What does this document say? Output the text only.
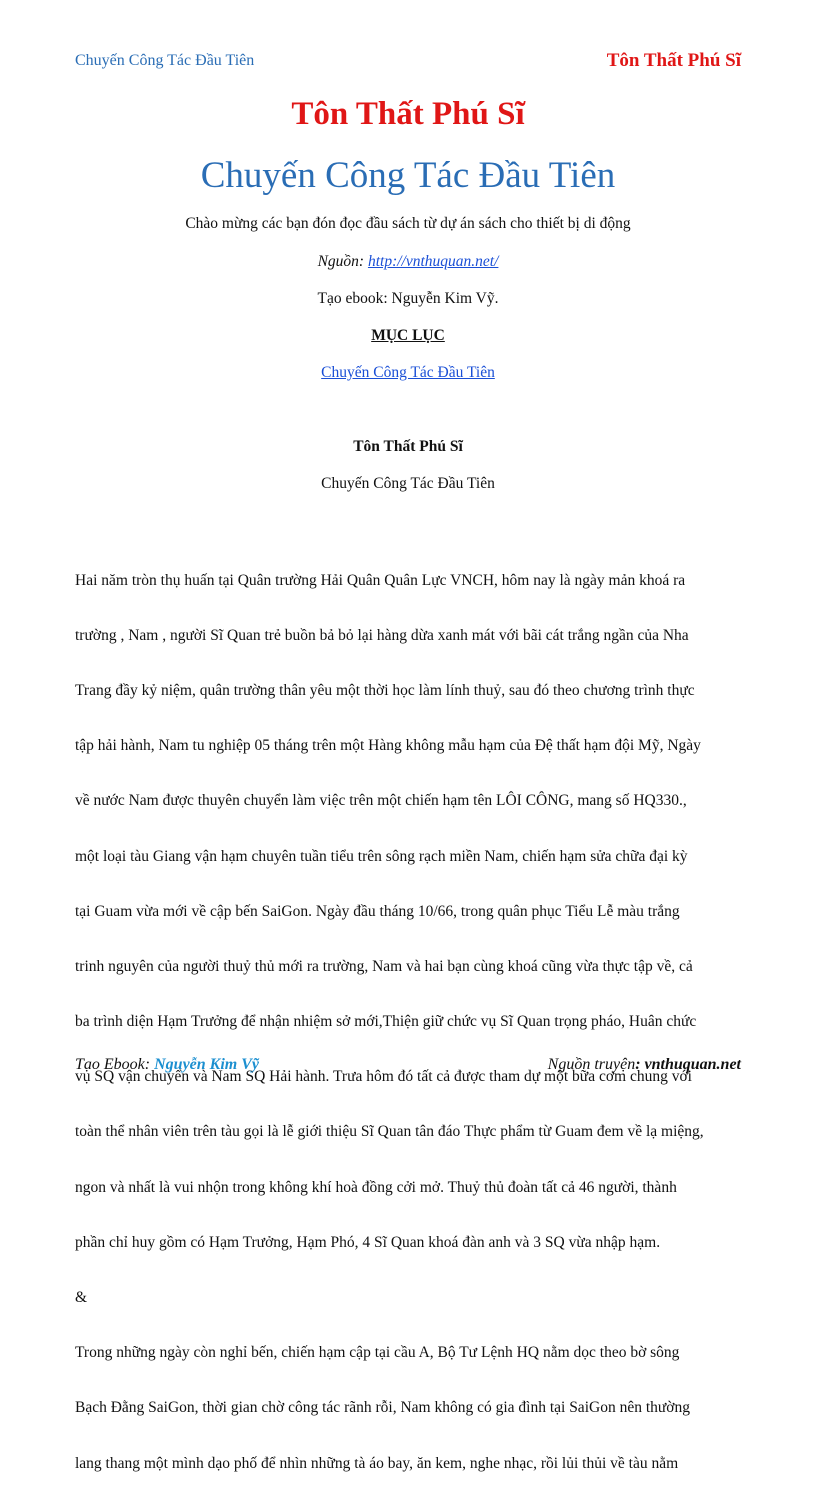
Chuyến Công Tác Đầu Tiên	Tôn Thất Phú Sĩ
Tôn Thất Phú Sĩ
Chuyến Công Tác Đầu Tiên
Chào mừng các bạn đón đọc đầu sách từ dự án sách cho thiết bị di động
Nguồn: http://vnthuquan.net/
Tạo ebook: Nguyễn Kim Vỹ.
MỤC LỤC
Chuyến Công Tác Đầu Tiên
Tôn Thất Phú Sĩ
Chuyến Công Tác Đầu Tiên

Hai năm tròn thụ huấn tại Quân trường Hải Quân Quân Lực VNCH, hôm nay là ngày mản khoá ra

trường , Nam , người Sĩ Quan trẻ buồn bả bỏ lại hàng dừa xanh mát với bãi cát trắng ngần của Nha

Trang đầy kỷ niệm, quân trường thân yêu một thời học làm lính thuỷ, sau đó theo chương trình thực

tập hải hành, Nam tu nghiệp 05 tháng trên một Hàng không mẫu hạm của Đệ thất hạm đội Mỹ, Ngày

về nước Nam được thuyên chuyển làm việc trên một chiến hạm tên LÔI CÔNG, mang số HQ330.,

một loại tàu Giang vận hạm chuyên tuần tiểu trên sông rạch miền Nam, chiến hạm sửa chữa đại kỳ

tại Guam vừa mới về cập bến SaiGon. Ngày đầu tháng 10/66, trong quân phục Tiểu Lễ màu trắng

trinh nguyên của người thuỷ thủ mới ra trường, Nam và hai bạn cùng khoá cũng vừa thực tập về, cả

ba trình diện Hạm Trưởng để nhận nhiệm sở mới,Thiện giữ chức vụ Sĩ Quan trọng pháo, Huân chức

vụ SQ vận chuyển và Nam SQ Hải hành. Trưa hôm đó tất cả được tham dự một bữa cơm chung với

toàn thể nhân viên trên tàu gọi là lễ giới thiệu Sĩ Quan tân đáo Thực phẩm từ Guam đem về lạ miệng,

ngon và nhất là vui nhộn trong không khí hoà đồng cởi mở. Thuỷ thủ đoàn tất cả 46 người, thành

phần chỉ huy gồm có Hạm Trưởng, Hạm Phó, 4 Sĩ Quan khoá đàn anh và 3 SQ vừa nhập hạm.

&

Trong những ngày còn nghỉ bến, chiến hạm cập tại cầu A, Bộ Tư Lệnh HQ nằm dọc theo bờ sông

Bạch Đằng SaiGon, thời gian chờ công tác rãnh rỗi, Nam không có gia đình tại SaiGon nên thường

lang thang một mình dạo phố để nhìn những tà áo bay, ăn kem, nghe nhạc, rồi lủi thủi về tàu nằm

Tạo Ebook: Nguyễn Kim Vỹ	Nguồn truyện: vnthuquan.net
